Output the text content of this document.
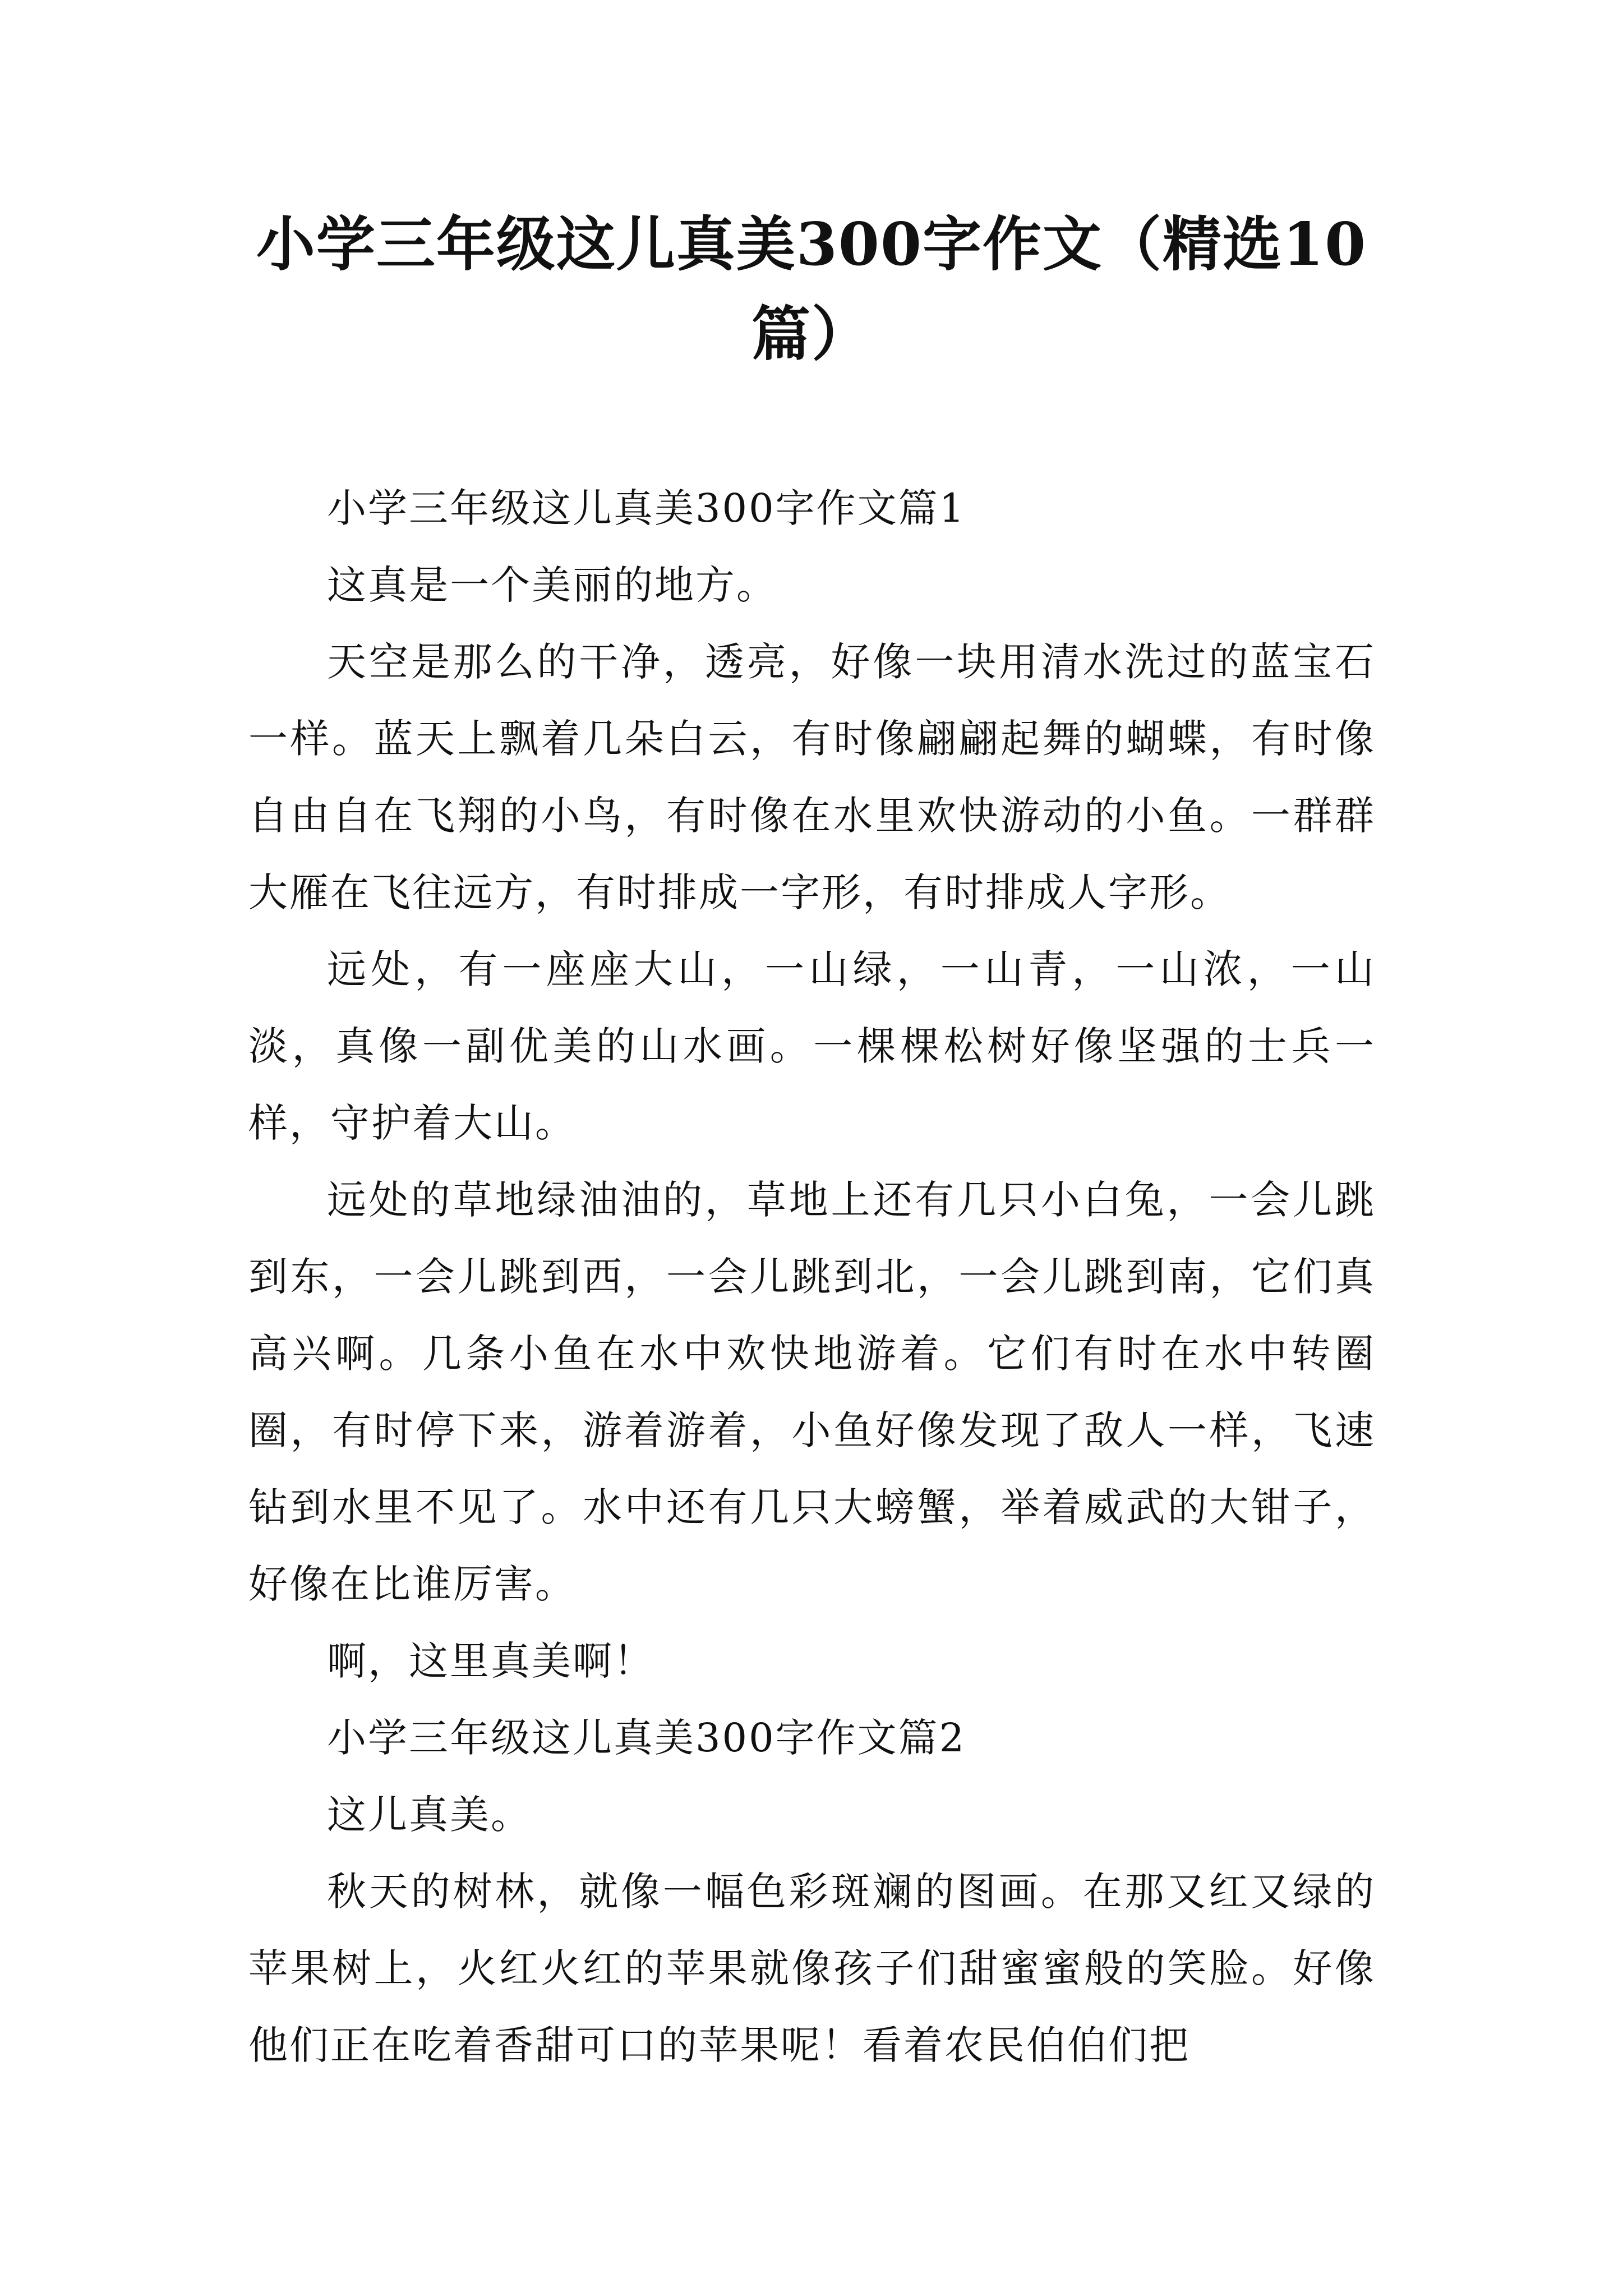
小学三年级这儿真美300字作文（精选10篇）

小学三年级这儿真美300字作文篇1

这真是一个美丽的地方。

天空是那么的干净，透亮，好像一块用清水洗过的蓝宝石一样。蓝天上飘着几朵白云，有时像翩翩起舞的蝴蝶，有时像自由自在飞翔的小鸟，有时像在水里欢快游动的小鱼。一群群大雁在飞往远方，有时排成一字形，有时排成人字形。

远处，有一座座大山，一山绿，一山青，一山浓，一山淡，真像一副优美的山水画。一棵棵松树好像坚强的士兵一样，守护着大山。

远处的草地绿油油的，草地上还有几只小白兔，一会儿跳到东，一会儿跳到西，一会儿跳到北，一会儿跳到南，它们真高兴啊。几条小鱼在水中欢快地游着。它们有时在水中转圈圈，有时停下来，游着游着，小鱼好像发现了敌人一样，飞速钻到水里不见了。水中还有几只大螃蟹，举着威武的大钳子，好像在比谁厉害。

啊，这里真美啊！

小学三年级这儿真美300字作文篇2

这儿真美。

秋天的树林，就像一幅色彩斑斓的图画。在那又红又绿的苹果树上，火红火红的苹果就像孩子们甜蜜蜜般的笑脸。好像他们正在吃着香甜可口的苹果呢！看着农民伯伯们把
